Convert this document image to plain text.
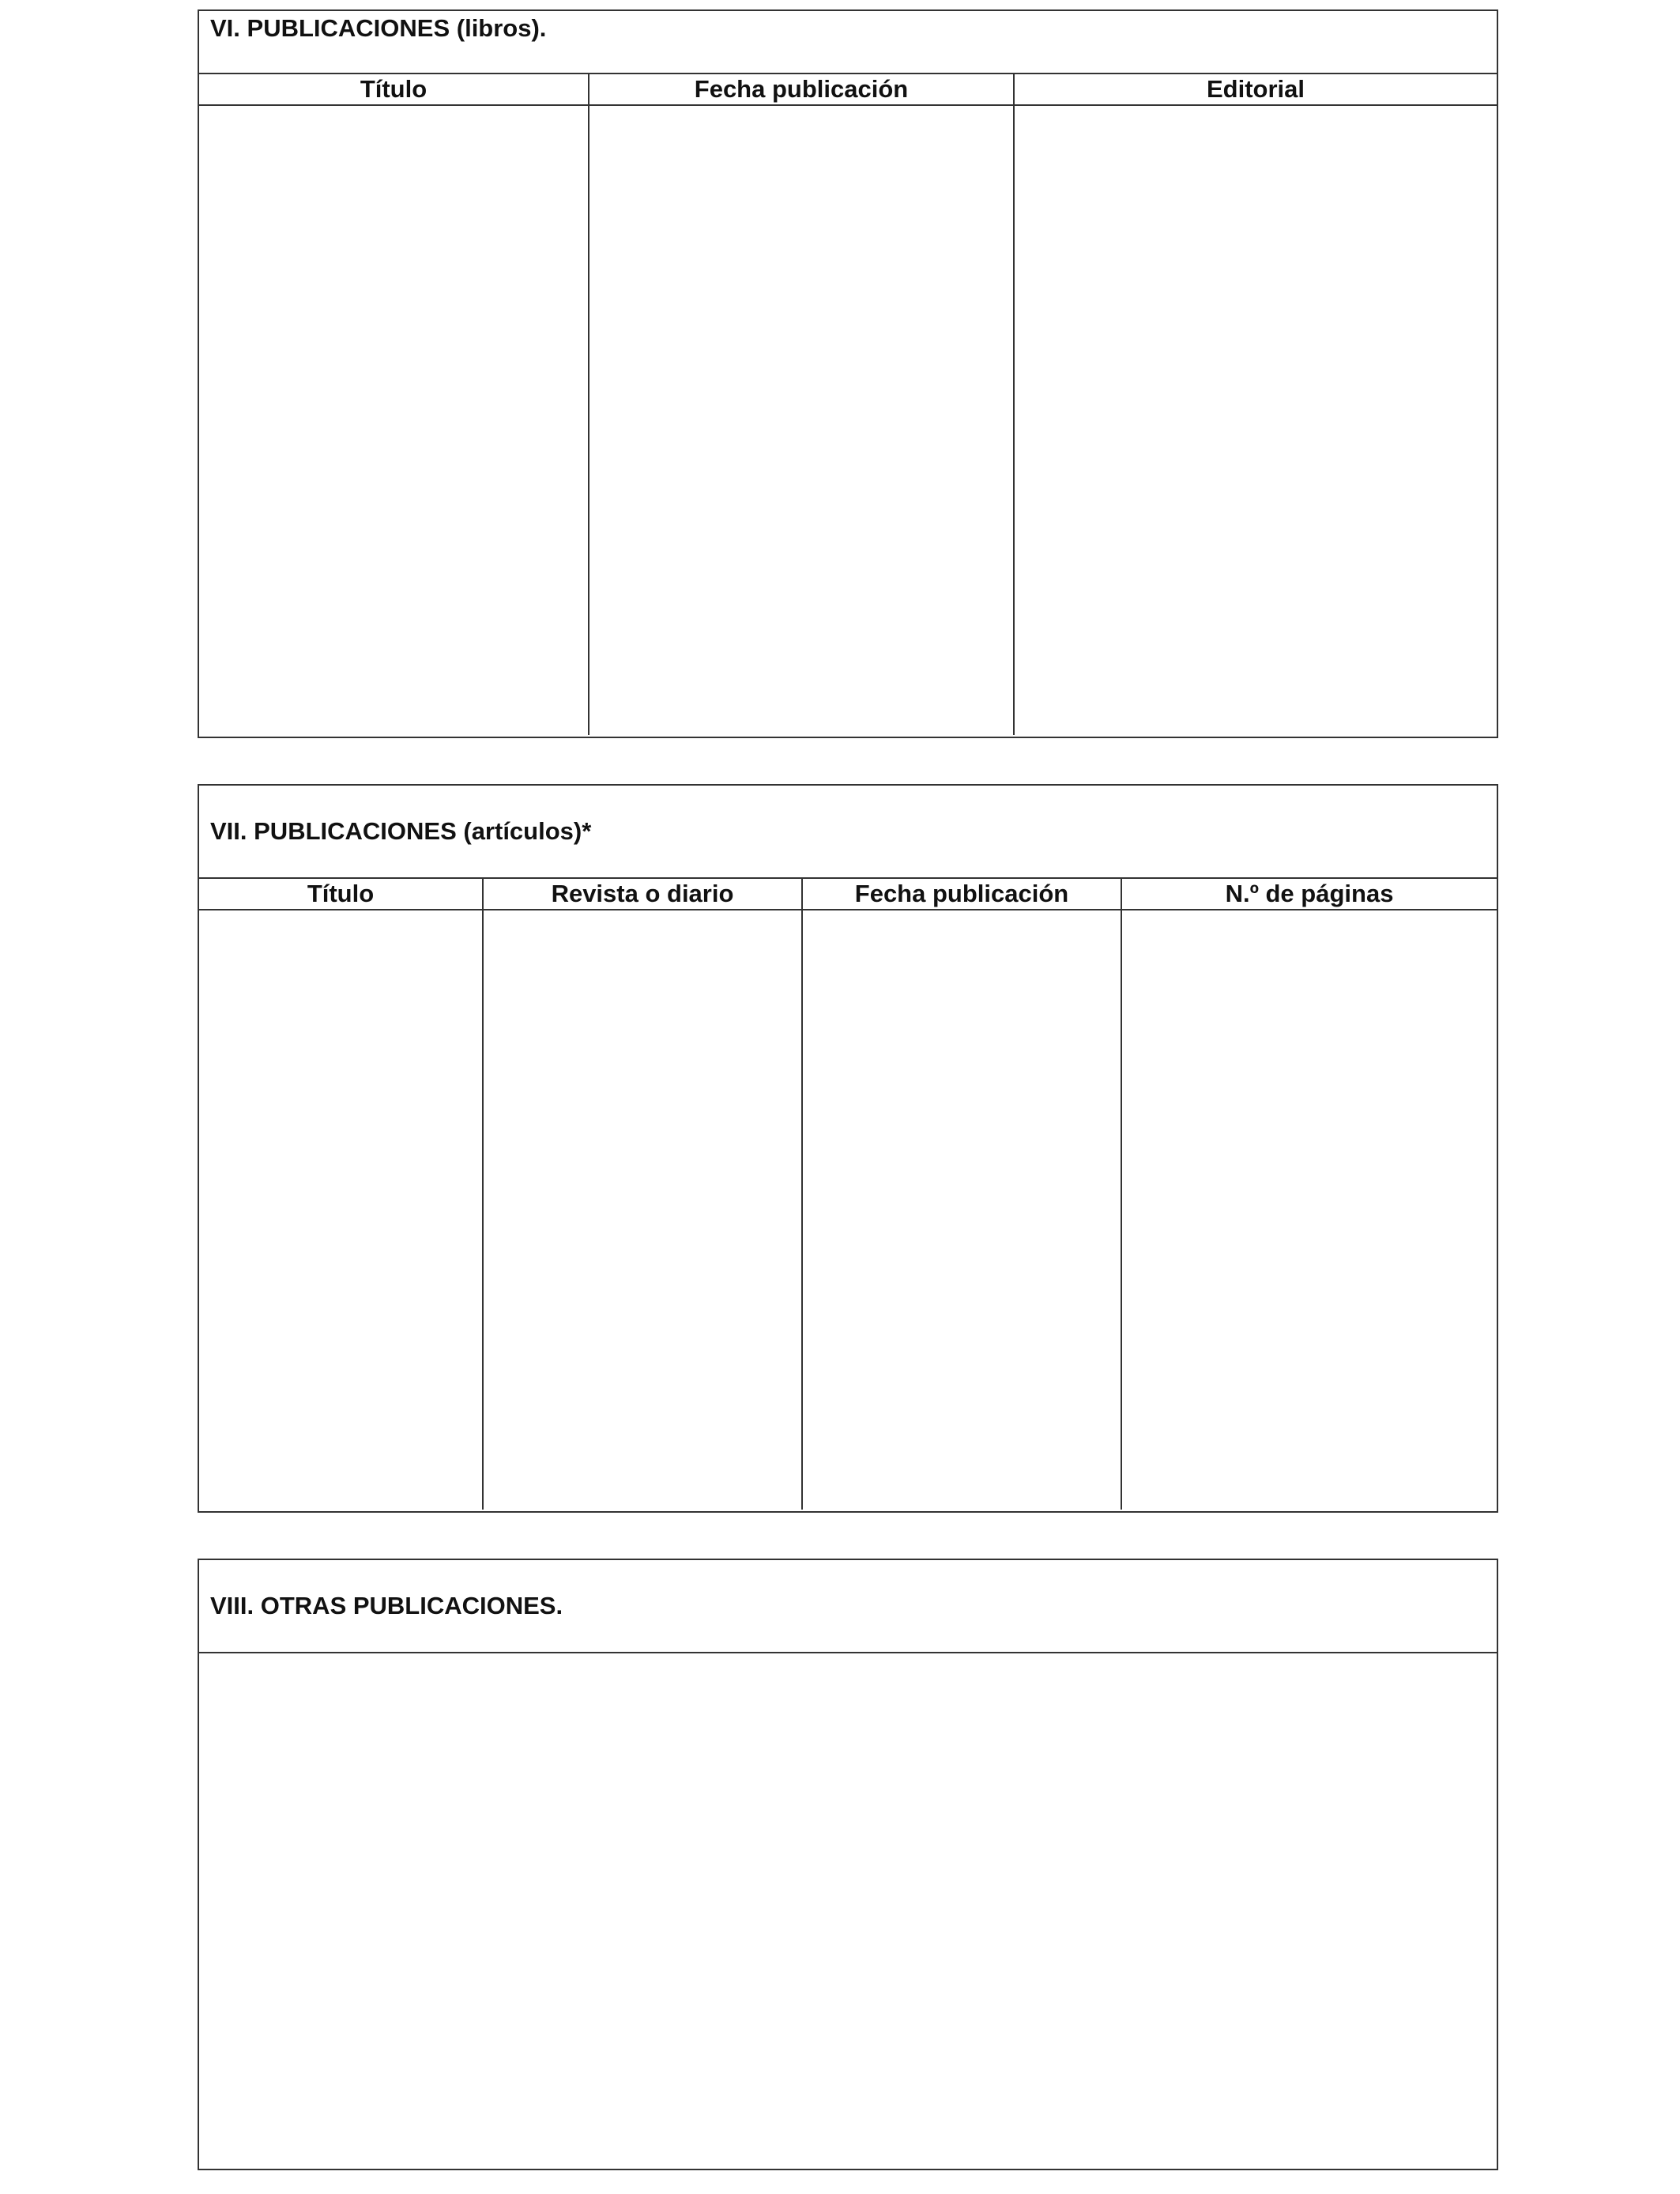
VI. PUBLICACIONES (libros).
Título	Fecha publicación	Editorial
VII. PUBLICACIONES (artículos)*
Título	Revista o diario	Fecha publicación	N.º de páginas
VIII. OTRAS PUBLICACIONES.
